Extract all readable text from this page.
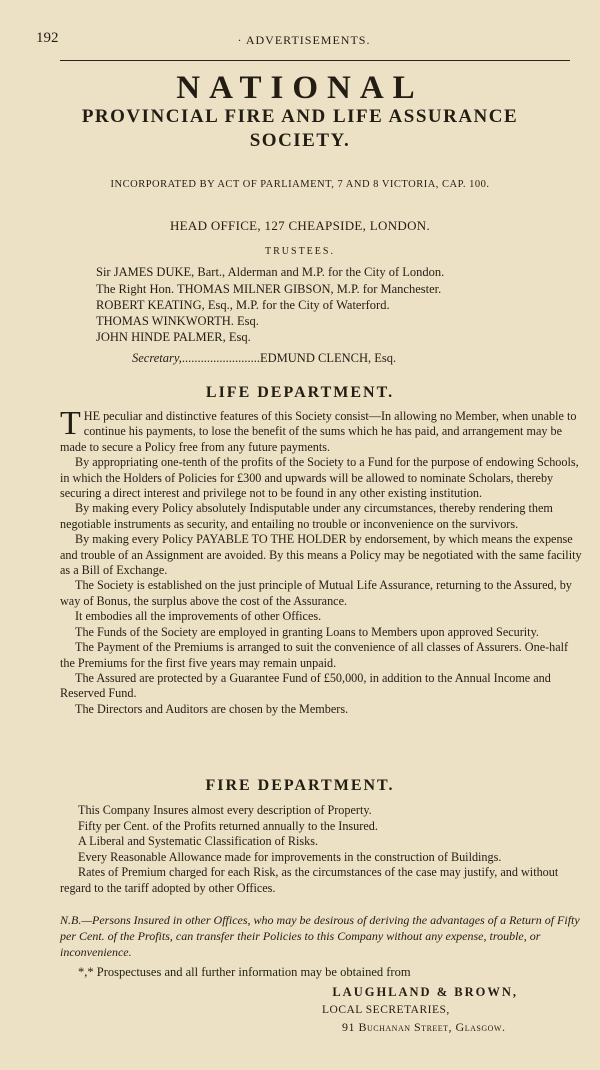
192	· ADVERTISEMENTS.
NATIONAL
PROVINCIAL FIRE AND LIFE ASSURANCE
SOCIETY.
INCORPORATED BY ACT OF PARLIAMENT, 7 AND 8 VICTORIA, CAP. 100.
HEAD OFFICE, 127 CHEAPSIDE, LONDON.
TRUSTEES.
Sir JAMES DUKE, Bart., Alderman and M.P. for the City of London.
The Right Hon. THOMAS MILNER GIBSON, M.P. for Manchester.
ROBERT KEATING, Esq., M.P. for the City of Waterford.
THOMAS WINKWORTH. Esq.
JOHN HINDE PALMER, Esq.
Secretary,.........................EDMUND CLENCH, Esq.
LIFE DEPARTMENT.

THE peculiar and distinctive features of this Society consist—In allowing no Member, when unable to continue his payments, to lose the benefit of the sums which he has paid, and arrangement may be made to secure a Policy free from any future payments.

By appropriating one-tenth of the profits of the Society to a Fund for the purpose of endowing Schools, in which the Holders of Policies for £300 and upwards will be allowed to nominate Scholars, thereby securing a direct interest and privilege not to be found in any other existing institution.

By making every Policy absolutely Indisputable under any circumstances, thereby rendering them negotiable instruments as security, and entailing no trouble or inconvenience on the survivors.

By making every Policy PAYABLE TO THE HOLDER by endorsement, by which means the expense and trouble of an Assignment are avoided. By this means a Policy may be negotiated with the same facility as a Bill of Exchange.

The Society is established on the just principle of Mutual Life Assurance, returning to the Assured, by way of Bonus, the surplus above the cost of the Assurance.

It embodies all the improvements of other Offices.

The Funds of the Society are employed in granting Loans to Members upon approved Security.

The Payment of the Premiums is arranged to suit the convenience of all classes of Assurers. One-half the Premiums for the first five years may remain unpaid.

The Assured are protected by a Guarantee Fund of £50,000, in addition to the Annual Income and Reserved Fund.

The Directors and Auditors are chosen by the Members.

FIRE DEPARTMENT.

This Company Insures almost every description of Property.

Fifty per Cent. of the Profits returned annually to the Insured.

A Liberal and Systematic Classification of Risks.

Every Reasonable Allowance made for improvements in the construction of Buildings.

Rates of Premium charged for each Risk, as the circumstances of the case may justify, and without regard to the tariff adopted by other Offices.

N.B.—Persons Insured in other Offices, who may be desirous of deriving the advantages of a Return of Fifty per Cent. of the Profits, can transfer their Policies to this Company without any expense, trouble, or inconvenience.
*,* Prospectuses and all further information may be obtained from
LAUGHLAND & BROWN,
LOCAL SECRETARIES,
91 Buchanan Street, Glasgow.
